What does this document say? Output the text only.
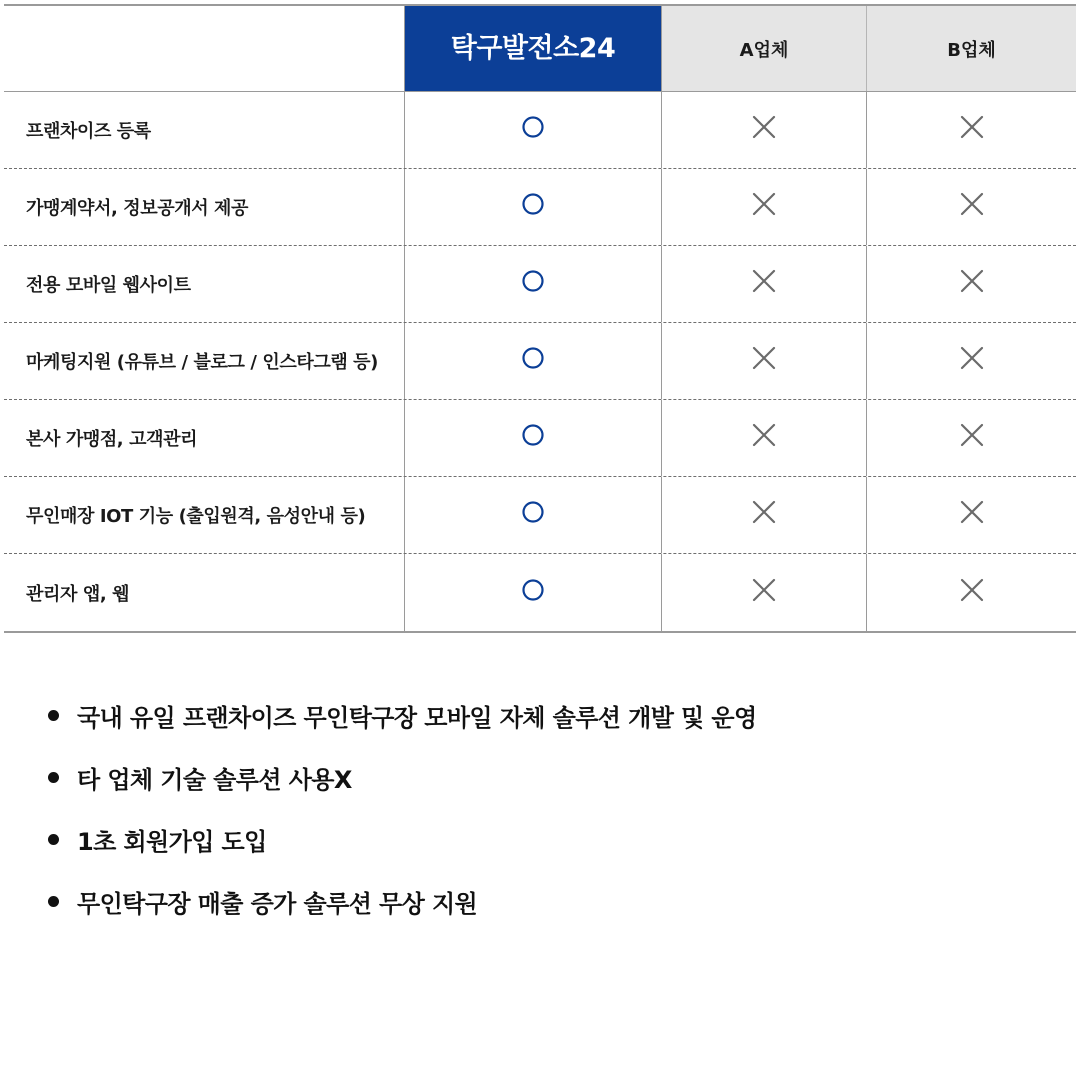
탁구발전소24	A업체	B업체
프랜차이즈 등록
가맹계약서, 정보공개서 제공
전용 모바일 웹사이트
마케팅지원 (유튜브 / 블로그 / 인스타그램 등)
본사 가맹점, 고객관리
무인매장 IOT 기능 (출입원격, 음성안내 등)
관리자 앱, 웹
국내 유일 프랜차이즈 무인탁구장 모바일 자체 솔루션 개발 및 운영
타 업체 기술 솔루션 사용X
1초 회원가입 도입
무인탁구장 매출 증가 솔루션 무상 지원
